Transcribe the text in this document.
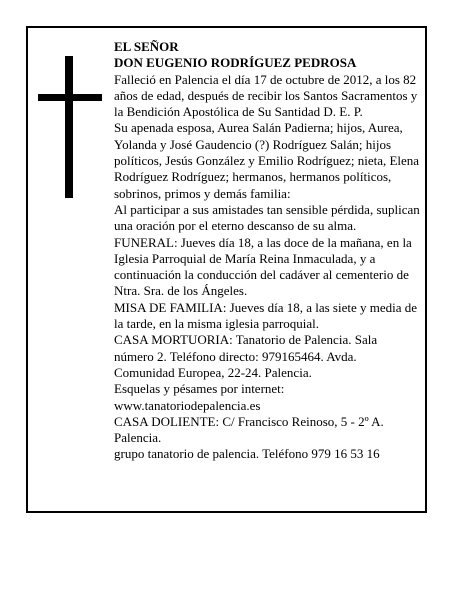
EL SEÑOR

DON EUGENIO RODRÍGUEZ PEDROSA

Falleció en Palencia el día 17 de octubre de 2012, a los 82 años de edad, después de recibir los Santos Sacramentos y la Bendición Apostólica de Su Santidad D. E. P.

Su apenada esposa, Aurea Salán Padierna; hijos, Aurea, Yolanda y José Gaudencio (?) Rodríguez Salán; hijos políticos, Jesús González y Emilio Rodríguez; nieta, Elena Rodríguez Rodríguez; hermanos, hermanos políticos, sobrinos, primos y demás familia:

Al participar a sus amistades tan sensible pérdida, suplican una oración por el eterno descanso de su alma.

FUNERAL: Jueves día 18, a las doce de la mañana, en la Iglesia Parroquial de María Reina Inmaculada, y a continuación la conducción del cadáver al cementerio de Ntra. Sra. de los Ángeles.

MISA DE FAMILIA: Jueves día 18, a las siete y media de la tarde, en la misma iglesia parroquial.

CASA MORTUORIA: Tanatorio de Palencia. Sala número 2. Teléfono directo: 979165464. Avda. Comunidad Europea, 22-24. Palencia.

Esquelas y pésames por internet: www.tanatoriodepalencia.es

CASA DOLIENTE: C/ Francisco Reinoso, 5 - 2º A. Palencia.

grupo tanatorio de palencia. Teléfono 979 16 53 16
